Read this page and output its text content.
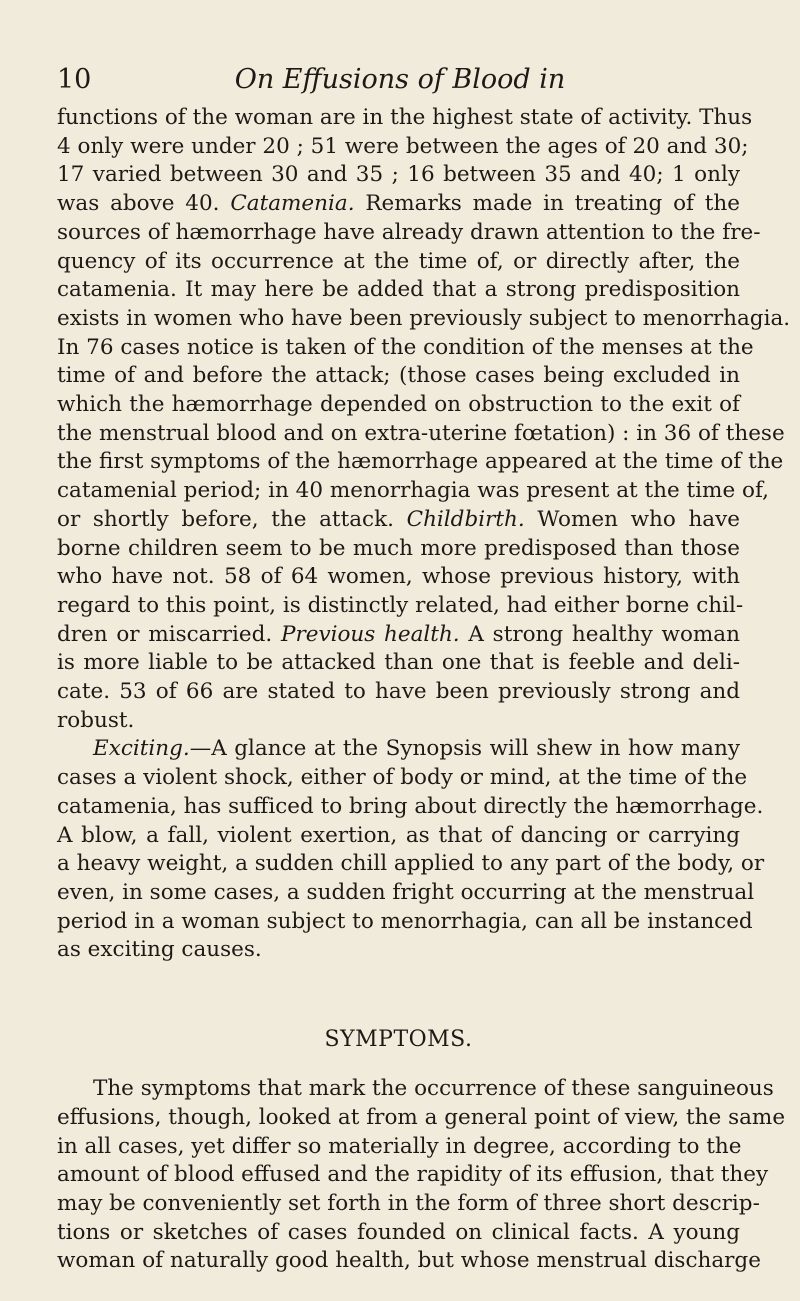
10	On Effusions of Blood in
functions of the woman are in the highest state of activity. Thus
4 only were under 20 ; 51 were between the ages of 20 and 30;
17 varied between 30 and 35 ; 16 between 35 and 40; 1 only
was above 40. Catamenia. Remarks made in treating of the
sources of hæmorrhage have already drawn attention to the fre-
quency of its occurrence at the time of, or directly after, the
catamenia. It may here be added that a strong predisposition
exists in women who have been previously subject to menorrhagia.
In 76 cases notice is taken of the condition of the menses at the
time of and before the attack; (those cases being excluded in
which the hæmorrhage depended on obstruction to the exit of
the menstrual blood and on extra-uterine fœtation) : in 36 of these
the first symptoms of the hæmorrhage appeared at the time of the
catamenial period; in 40 menorrhagia was present at the time of,
or shortly before, the attack. Childbirth. Women who have
borne children seem to be much more predisposed than those
who have not. 58 of 64 women, whose previous history, with
regard to this point, is distinctly related, had either borne chil-
dren or miscarried. Previous health. A strong healthy woman
is more liable to be attacked than one that is feeble and deli-
cate. 53 of 66 are stated to have been previously strong and
robust.
Exciting.—A glance at the Synopsis will shew in how many
cases a violent shock, either of body or mind, at the time of the
catamenia, has sufficed to bring about directly the hæmorrhage.
A blow, a fall, violent exertion, as that of dancing or carrying
a heavy weight, a sudden chill applied to any part of the body, or
even, in some cases, a sudden fright occurring at the menstrual
period in a woman subject to menorrhagia, can all be instanced
as exciting causes.
SYMPTOMS.
The symptoms that mark the occurrence of these sanguineous
effusions, though, looked at from a general point of view, the same
in all cases, yet differ so materially in degree, according to the
amount of blood effused and the rapidity of its effusion, that they
may be conveniently set forth in the form of three short descrip-
tions or sketches of cases founded on clinical facts. A young
woman of naturally good health, but whose menstrual discharge
